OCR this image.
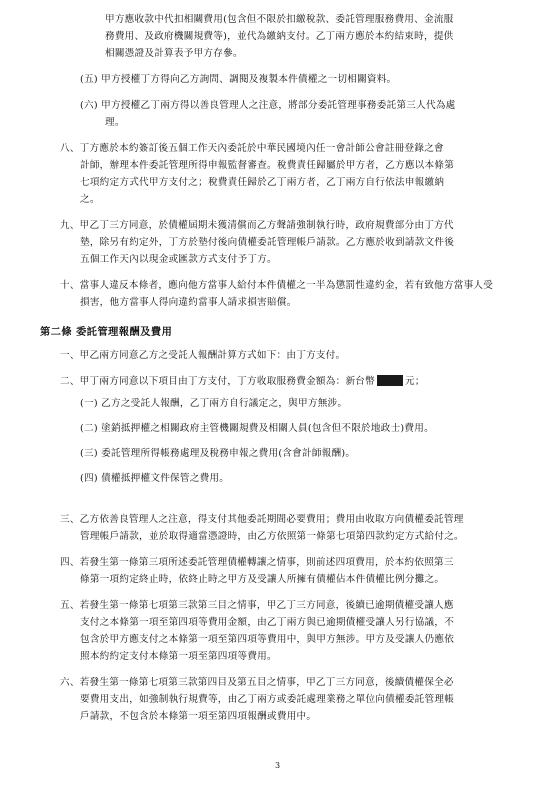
甲方應收款中代扣相關費用(包含但不限於扣繳稅款、委託管理服務費用、金流服
務費用、及政府機關規費等)，並代為繳納支付。乙丁兩方應於本約結束時，提供
相關憑證及計算表予甲方存參。
(五) 甲方授權丁方得向乙方詢問、調閱及複製本件債權之一切相關資料。
(六) 甲方授權乙丁兩方得以善良管理人之注意，將部分委託管理事務委託第三人代為處
理。
八、丁方應於本約簽訂後五個工作天內委託於中華民國境內任一會計師公會註冊登錄之會
計師，辦理本件委託管理所得申報監督審查。稅費責任歸屬於甲方者，乙方應以本條第
七項約定方式代甲方支付之；稅費責任歸於乙丁兩方者，乙丁兩方自行依法申報繳納
之。
九、甲乙丁三方同意，於債權屆期未獲清償而乙方聲請強制執行時，政府規費部分由丁方代
墊，除另有約定外，丁方於墊付後向債權委託管理帳戶請款。乙方應於收到請款文件後
五個工作天內以現金或匯款方式支付予丁方。
十、當事人違反本條者，應向他方當事人給付本件債權之一半為懲罰性違約金，若有致他方當事人受
損害，他方當事人得向違約當事人請求損害賠償。
三、乙方依善良管理人之注意，得支付其他委託期間必要費用；費用由收取方向債權委託管理
管理帳戶請款，並於取得適當憑證時，由乙方依照第一條第七項第四款約定方式給付之。
四、若發生第一條第三項所述委託管理債權轉讓之情事，則前述四項費用，於本約依照第三
條第一項約定終止時，依終止時之甲方及受讓人所擁有債權佔本件債權比例分攤之。
五、若發生第一條第七項第三款第三目之情事，甲乙丁三方同意，後續已逾期債權受讓人應
支付之本條第一項至第四項等費用金額，由乙丁兩方與已逾期債權受讓人另行協議，不
包含於甲方應支付之本條第一項至第四項等費用中，與甲方無涉。甲方及受讓人仍應依
照本約約定支付本條第一項至第四項等費用。
六、若發生第一條第七項第三款第四目及第五目之情事，甲乙丁三方同意，後續債權保全必
要費用支出，如強制執行規費等，由乙丁兩方或委託處理業務之單位向債權委託管理帳
戶請款，不包含於本條第一項至第四項報酬或費用中。
第二條 委託管理報酬及費用
一、甲乙兩方同意乙方之受託人報酬計算方式如下：由丁方支付。
二、甲丁兩方同意以下項目由丁方支付，丁方收取服務費金額為：新台幣	元；
3
(一) 乙方之受託人報酬，乙丁兩方自行議定之，與甲方無涉。
(二) 塗銷抵押權之相關政府主管機關規費及相關人員(包含但不限於地政士)費用。
(三) 委託管理所得帳務處理及稅務申報之費用(含會計師報酬)。
(四) 債權抵押權文件保管之費用。
